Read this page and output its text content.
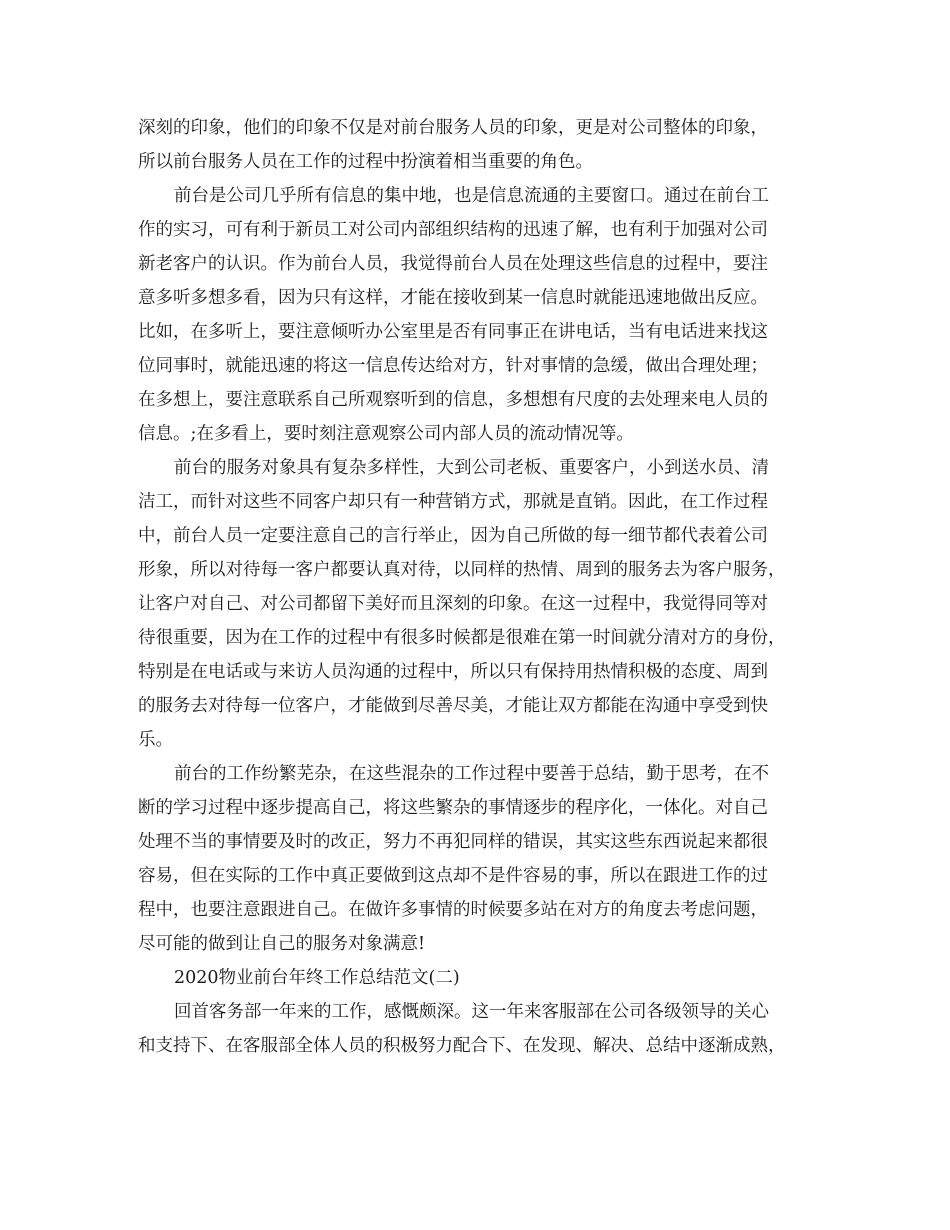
深刻的印象，他们的印象不仅是对前台服务人员的印象，更是对公司整体的印象，
所以前台服务人员在工作的过程中扮演着相当重要的角色。
前台是公司几乎所有信息的集中地，也是信息流通的主要窗口。通过在前台工
作的实习，可有利于新员工对公司内部组织结构的迅速了解，也有利于加强对公司
新老客户的认识。作为前台人员，我觉得前台人员在处理这些信息的过程中，要注
意多听多想多看，因为只有这样，才能在接收到某一信息时就能迅速地做出反应。
比如，在多听上，要注意倾听办公室里是否有同事正在讲电话，当有电话进来找这
位同事时，就能迅速的将这一信息传达给对方，针对事情的急缓，做出合理处理；
在多想上，要注意联系自己所观察听到的信息，多想想有尺度的去处理来电人员的
信息。;在多看上，要时刻注意观察公司内部人员的流动情况等。
前台的服务对象具有复杂多样性，大到公司老板、重要客户，小到送水员、清
洁工，而针对这些不同客户却只有一种营销方式，那就是直销。因此，在工作过程
中，前台人员一定要注意自己的言行举止，因为自己所做的每一细节都代表着公司
形象，所以对待每一客户都要认真对待，以同样的热情、周到的服务去为客户服务，
让客户对自己、对公司都留下美好而且深刻的印象。在这一过程中，我觉得同等对
待很重要，因为在工作的过程中有很多时候都是很难在第一时间就分清对方的身份，
特别是在电话或与来访人员沟通的过程中，所以只有保持用热情积极的态度、周到
的服务去对待每一位客户，才能做到尽善尽美，才能让双方都能在沟通中享受到快
乐。
前台的工作纷繁芜杂，在这些混杂的工作过程中要善于总结，勤于思考，在不
断的学习过程中逐步提高自己，将这些繁杂的事情逐步的程序化，一体化。对自己
处理不当的事情要及时的改正，努力不再犯同样的错误，其实这些东西说起来都很
容易，但在实际的工作中真正要做到这点却不是件容易的事，所以在跟进工作的过
程中，也要注意跟进自己。在做许多事情的时候要多站在对方的角度去考虑问题，
尽可能的做到让自己的服务对象满意!
2020物业前台年终工作总结范文(二)
回首客务部一年来的工作，感慨颇深。这一年来客服部在公司各级领导的关心
和支持下、在客服部全体人员的积极努力配合下、在发现、解决、总结中逐渐成熟，
